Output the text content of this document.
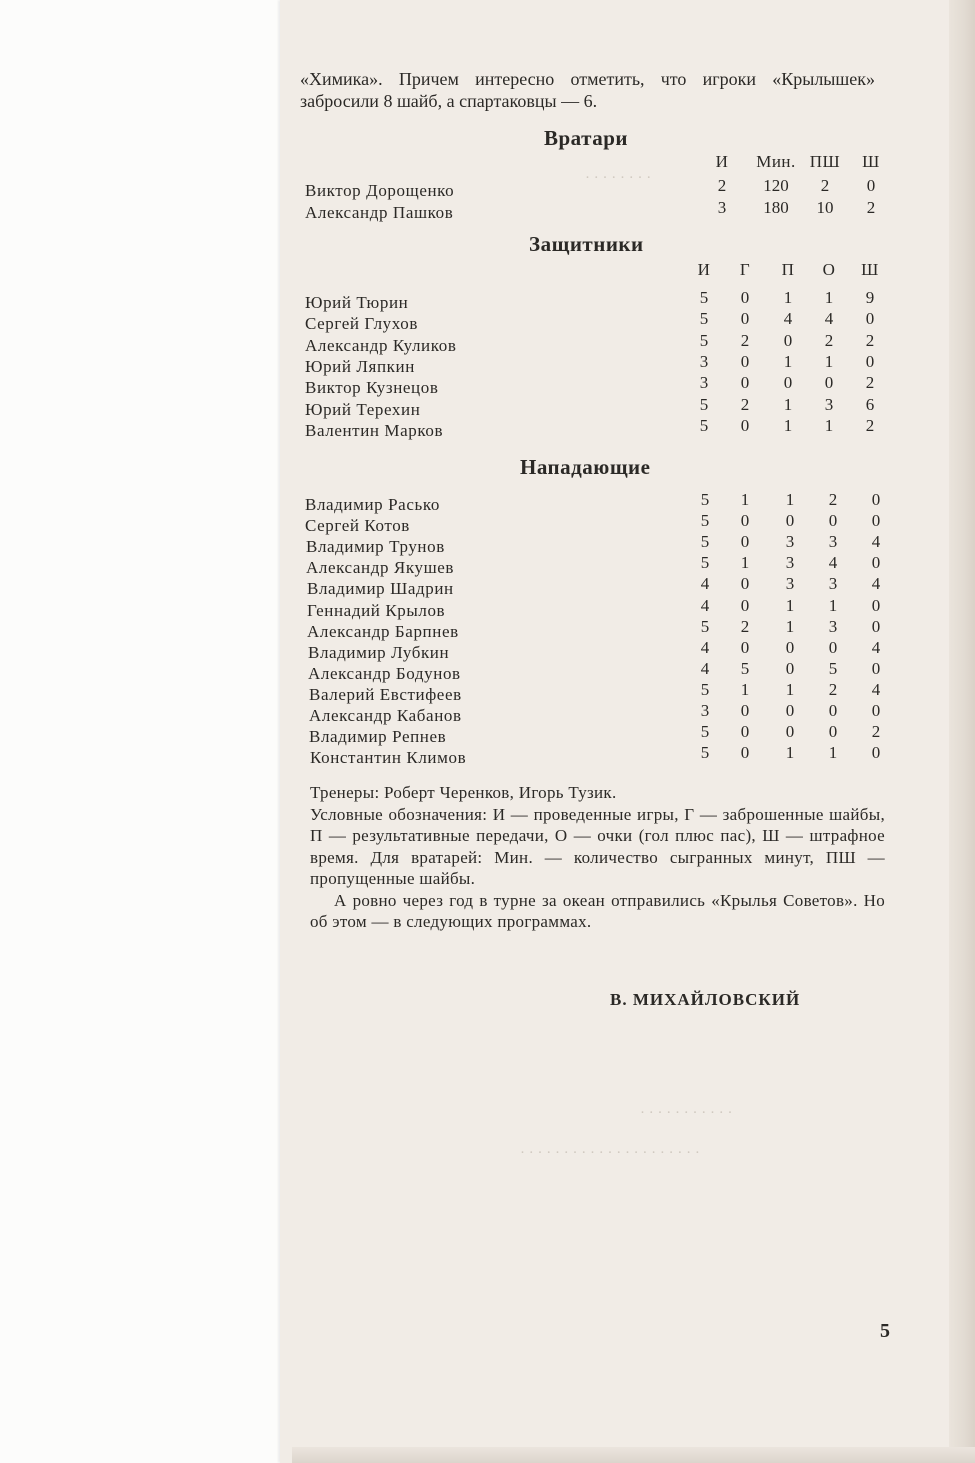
· · · · · · · ·
· · · · · · · · · · ·
· · · · · · · · · · · · · · · · · · · · ·

«Химика». Причем интересно отметить, что игроки «Крылышек» забросили 8 шайб, а спартаковцы — 6.

Вратари
И	Мин. ПШ	Ш
Виктор Дорощенко	2	120	2	0
Александр Пашков	3	180	10	2
Защитники
И	Г	П	О	Ш
Юрий Тюрин	5	0	1	1	9
Сергей Глухов	5	0	4	4	0
Александр Куликов	5	2	0	2	2
Юрий Ляпкин	3	0	1	1	0
Виктор Кузнецов	3	0	0	0	2
Юрий Терехин	5	2	1	3	6
Валентин Марков	5	0	1	1	2
Нападающие
Владимир Расько	5	1	1	2	0
Сергей Котов	5	0	0	0	0
Владимир Трунов	5	0	3	3	4
Александр Якушев	5	1	3	4	0
Владимир Шадрин	4	0	3	3	4
Геннадий Крылов	4	0	1	1	0
Александр Барпнев	5	2	1	3	0
Владимир Лубкин	4	0	0	0	4
Александр Бодунов	4	5	0	5	0
Валерий Евстифеев	5	1	1	2	4
Александр Кабанов	3	0	0	0	0
Владимир Репнев	5	0	0	0	2
Константин Климов	5	0	1	1	0

Тренеры: Роберт Черенков, Игорь Тузик.

Условные обозначения: И — проведенные игры, Г — заброшенные шайбы, П — результативные передачи, О — очки (гол плюс пас), Ш — штрафное время. Для вратарей: Мин. — количество сыгранных минут, ПШ — пропущенные шайбы.

А ровно через год в турне за океан отправились «Крылья Советов». Но об этом — в следующих программах.

В. МИХАЙЛОВСКИЙ
5
